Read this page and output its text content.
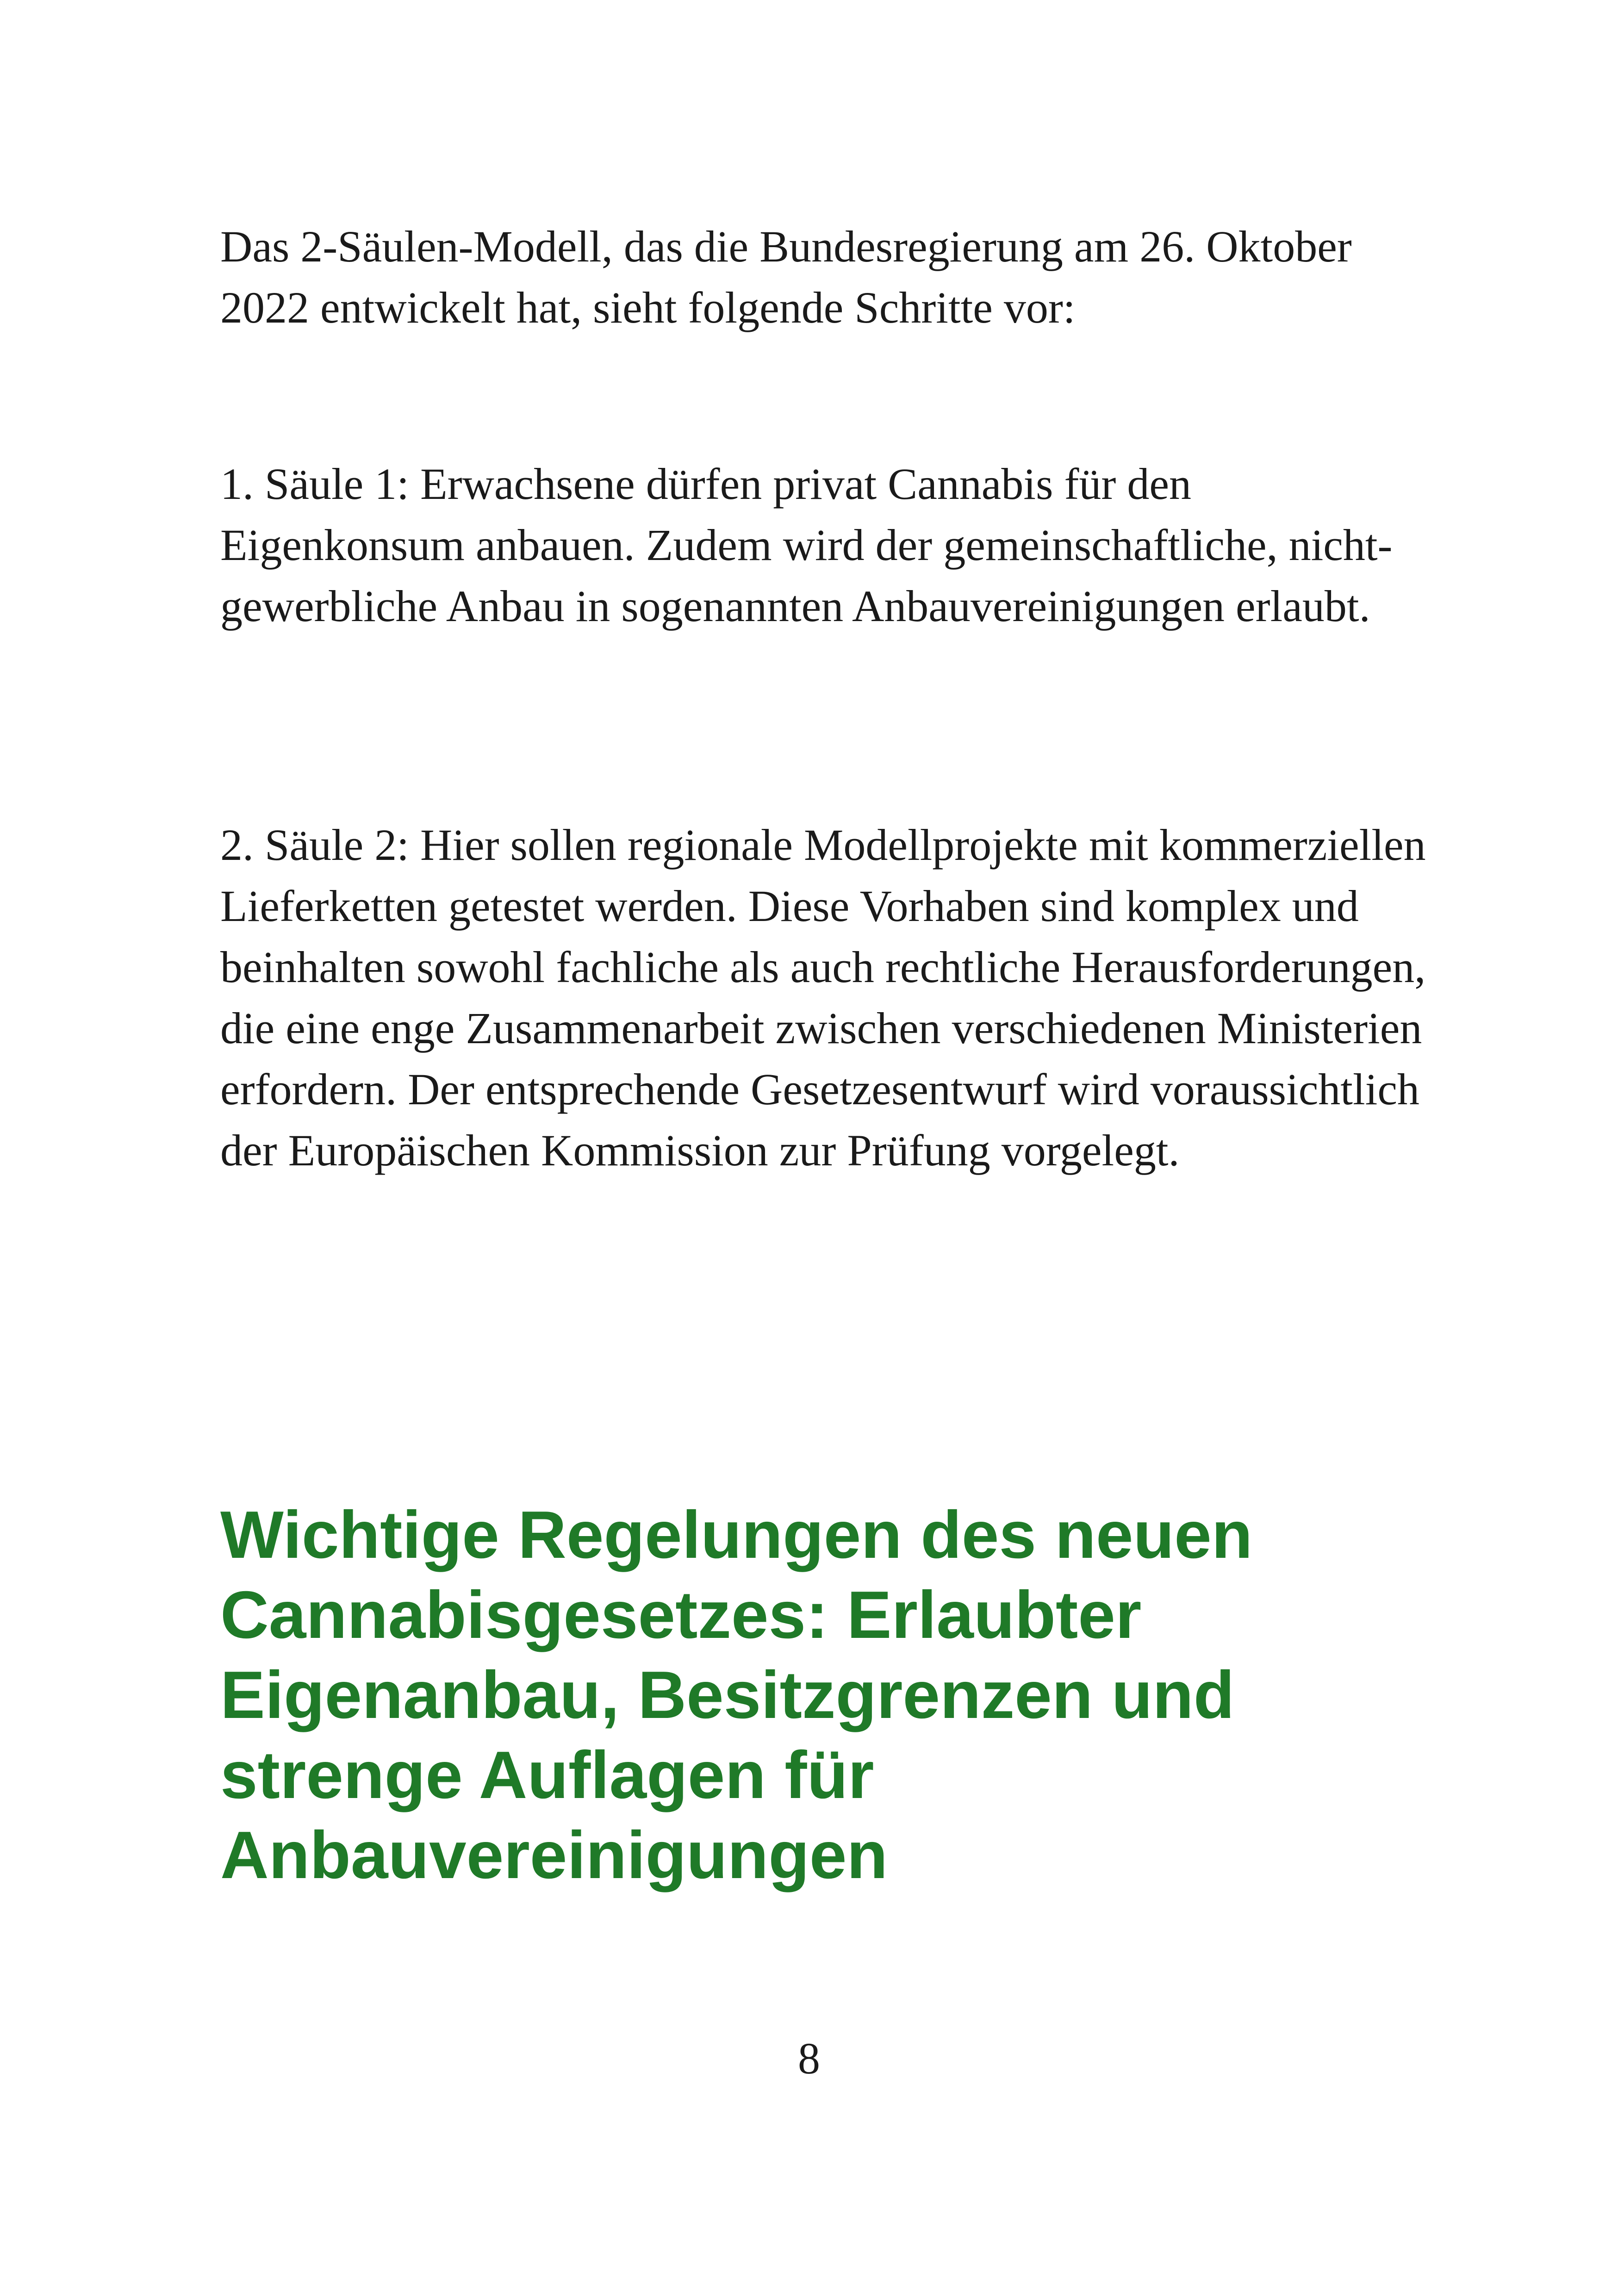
Das 2-Säulen-Modell, das die Bundesregierung am 26. Oktober 2022 entwickelt hat, sieht folgende Schritte vor:

1. Säule 1: Erwachsene dürfen privat Cannabis für den Eigenkonsum anbauen. Zudem wird der gemeinschaftliche, nicht-gewerbliche Anbau in sogenannten Anbauvereinigungen erlaubt.

2. Säule 2: Hier sollen regionale Modellprojekte mit kommerziellen Lieferketten getestet werden. Diese Vorhaben sind komplex und beinhalten sowohl fachliche als auch rechtliche Herausforderungen, die eine enge Zusammenarbeit zwischen verschiedenen Ministerien erfordern. Der entsprechende Gesetzesentwurf wird voraussichtlich der Europäischen Kommission zur Prüfung vorgelegt.

Wichtige Regelungen des neuen Cannabisgesetzes: Erlaubter Eigenanbau, Besitzgrenzen und strenge Auflagen für Anbauvereinigungen
8
